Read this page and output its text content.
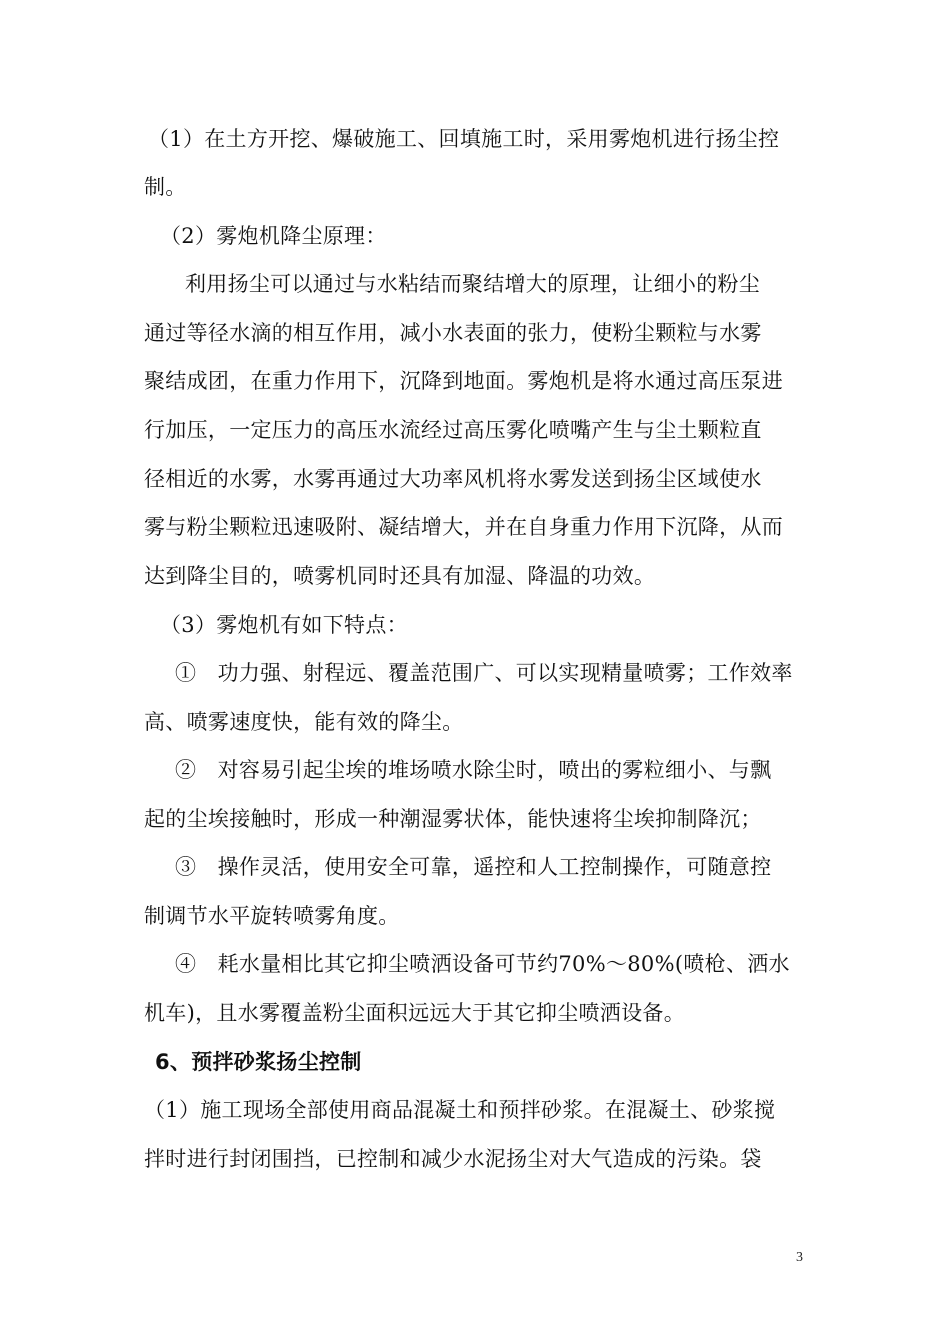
（1）在土方开挖、爆破施工、回填施工时，采用雾炮机进行扬尘控
制。
（2）雾炮机降尘原理：
利用扬尘可以通过与水粘结而聚结增大的原理，让细小的粉尘
通过等径水滴的相互作用，减小水表面的张力，使粉尘颗粒与水雾
聚结成团，在重力作用下，沉降到地面。雾炮机是将水通过高压泵进
行加压，一定压力的高压水流经过高压雾化喷嘴产生与尘土颗粒直
径相近的水雾，水雾再通过大功率风机将水雾发送到扬尘区域使水
雾与粉尘颗粒迅速吸附、凝结增大，并在自身重力作用下沉降，从而
达到降尘目的，喷雾机同时还具有加湿、降温的功效。
（3）雾炮机有如下特点：
①　功力强、射程远、覆盖范围广、可以实现精量喷雾；工作效率
高、喷雾速度快，能有效的降尘。
②　对容易引起尘埃的堆场喷水除尘时，喷出的雾粒细小、与飘
起的尘埃接触时，形成一种潮湿雾状体，能快速将尘埃抑制降沉；
③　操作灵活，使用安全可靠，遥控和人工控制操作，可随意控
制调节水平旋转喷雾角度。
④　耗水量相比其它抑尘喷洒设备可节约70%～80%(喷枪、洒水
机车)，且水雾覆盖粉尘面积远远大于其它抑尘喷洒设备。
6、预拌砂浆扬尘控制
（1）施工现场全部使用商品混凝土和预拌砂浆。在混凝土、砂浆搅
拌时进行封闭围挡，已控制和减少水泥扬尘对大气造成的污染。袋
3
